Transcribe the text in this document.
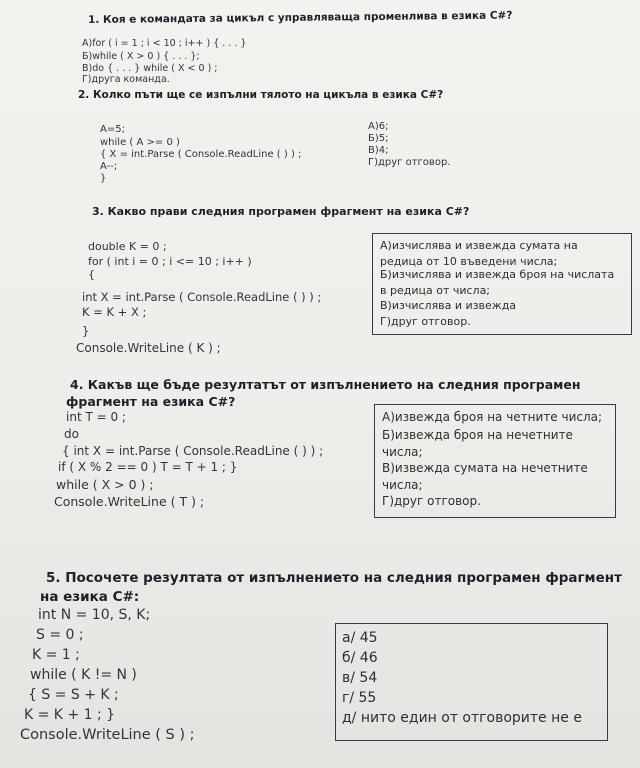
1. Коя е командата за цикъл с управляваща променлива в езика C#?
A)for ( i = 1 ; i < 10 ; i++ ) { . . . }
Б)while ( X > 0 ) { . . . };
B)do { . . . } while ( X < 0 ) ;
Г)друга команда.
2. Колко пъти ще се изпълни тялото на цикъла в езика C#?
A=5;
while ( A >= 0 )
{ X = int.Parse ( Console.ReadLine ( ) ) ;
A--;
}
А)6;
Б)5;
В)4;
Г)друг отговор.
3. Какво прави следния програмен фрагмент на езика C#?
double K = 0 ;
for ( int i = 0 ; i <= 10 ; i++ )
{
int X = int.Parse ( Console.ReadLine ( ) ) ;
K = K + X ;
}
Console.WriteLine ( K ) ;
А)изчислява и извежда сумата на
редица от 10 въведени числа;
Б)изчислява и извежда броя на числата
в редица от числа;
В)изчислява и извежда
Г)друг отговор.
4. Какъв ще бъде резултатът от изпълнението на следния програмен
фрагмент на езика C#?
int T = 0 ;
do
{ int X = int.Parse ( Console.ReadLine ( ) ) ;
if ( X % 2 == 0 ) T = T + 1 ; }
while ( X > 0 ) ;
Console.WriteLine ( T ) ;
А)извежда броя на четните числа;
Б)извежда броя на нечетните
числа;
В)извежда сумата на нечетните
числа;
Г)друг отговор.
5. Посочете резултата от изпълнението на следния програмен фрагмент
на езика C#:
int N = 10, S, K;
S = 0 ;
K = 1 ;
while ( K != N )
{ S = S + K ;
K = K + 1 ; }
Console.WriteLine ( S ) ;
а/ 45
б/ 46
в/ 54
г/ 55
д/ нито един от отговорите не е
